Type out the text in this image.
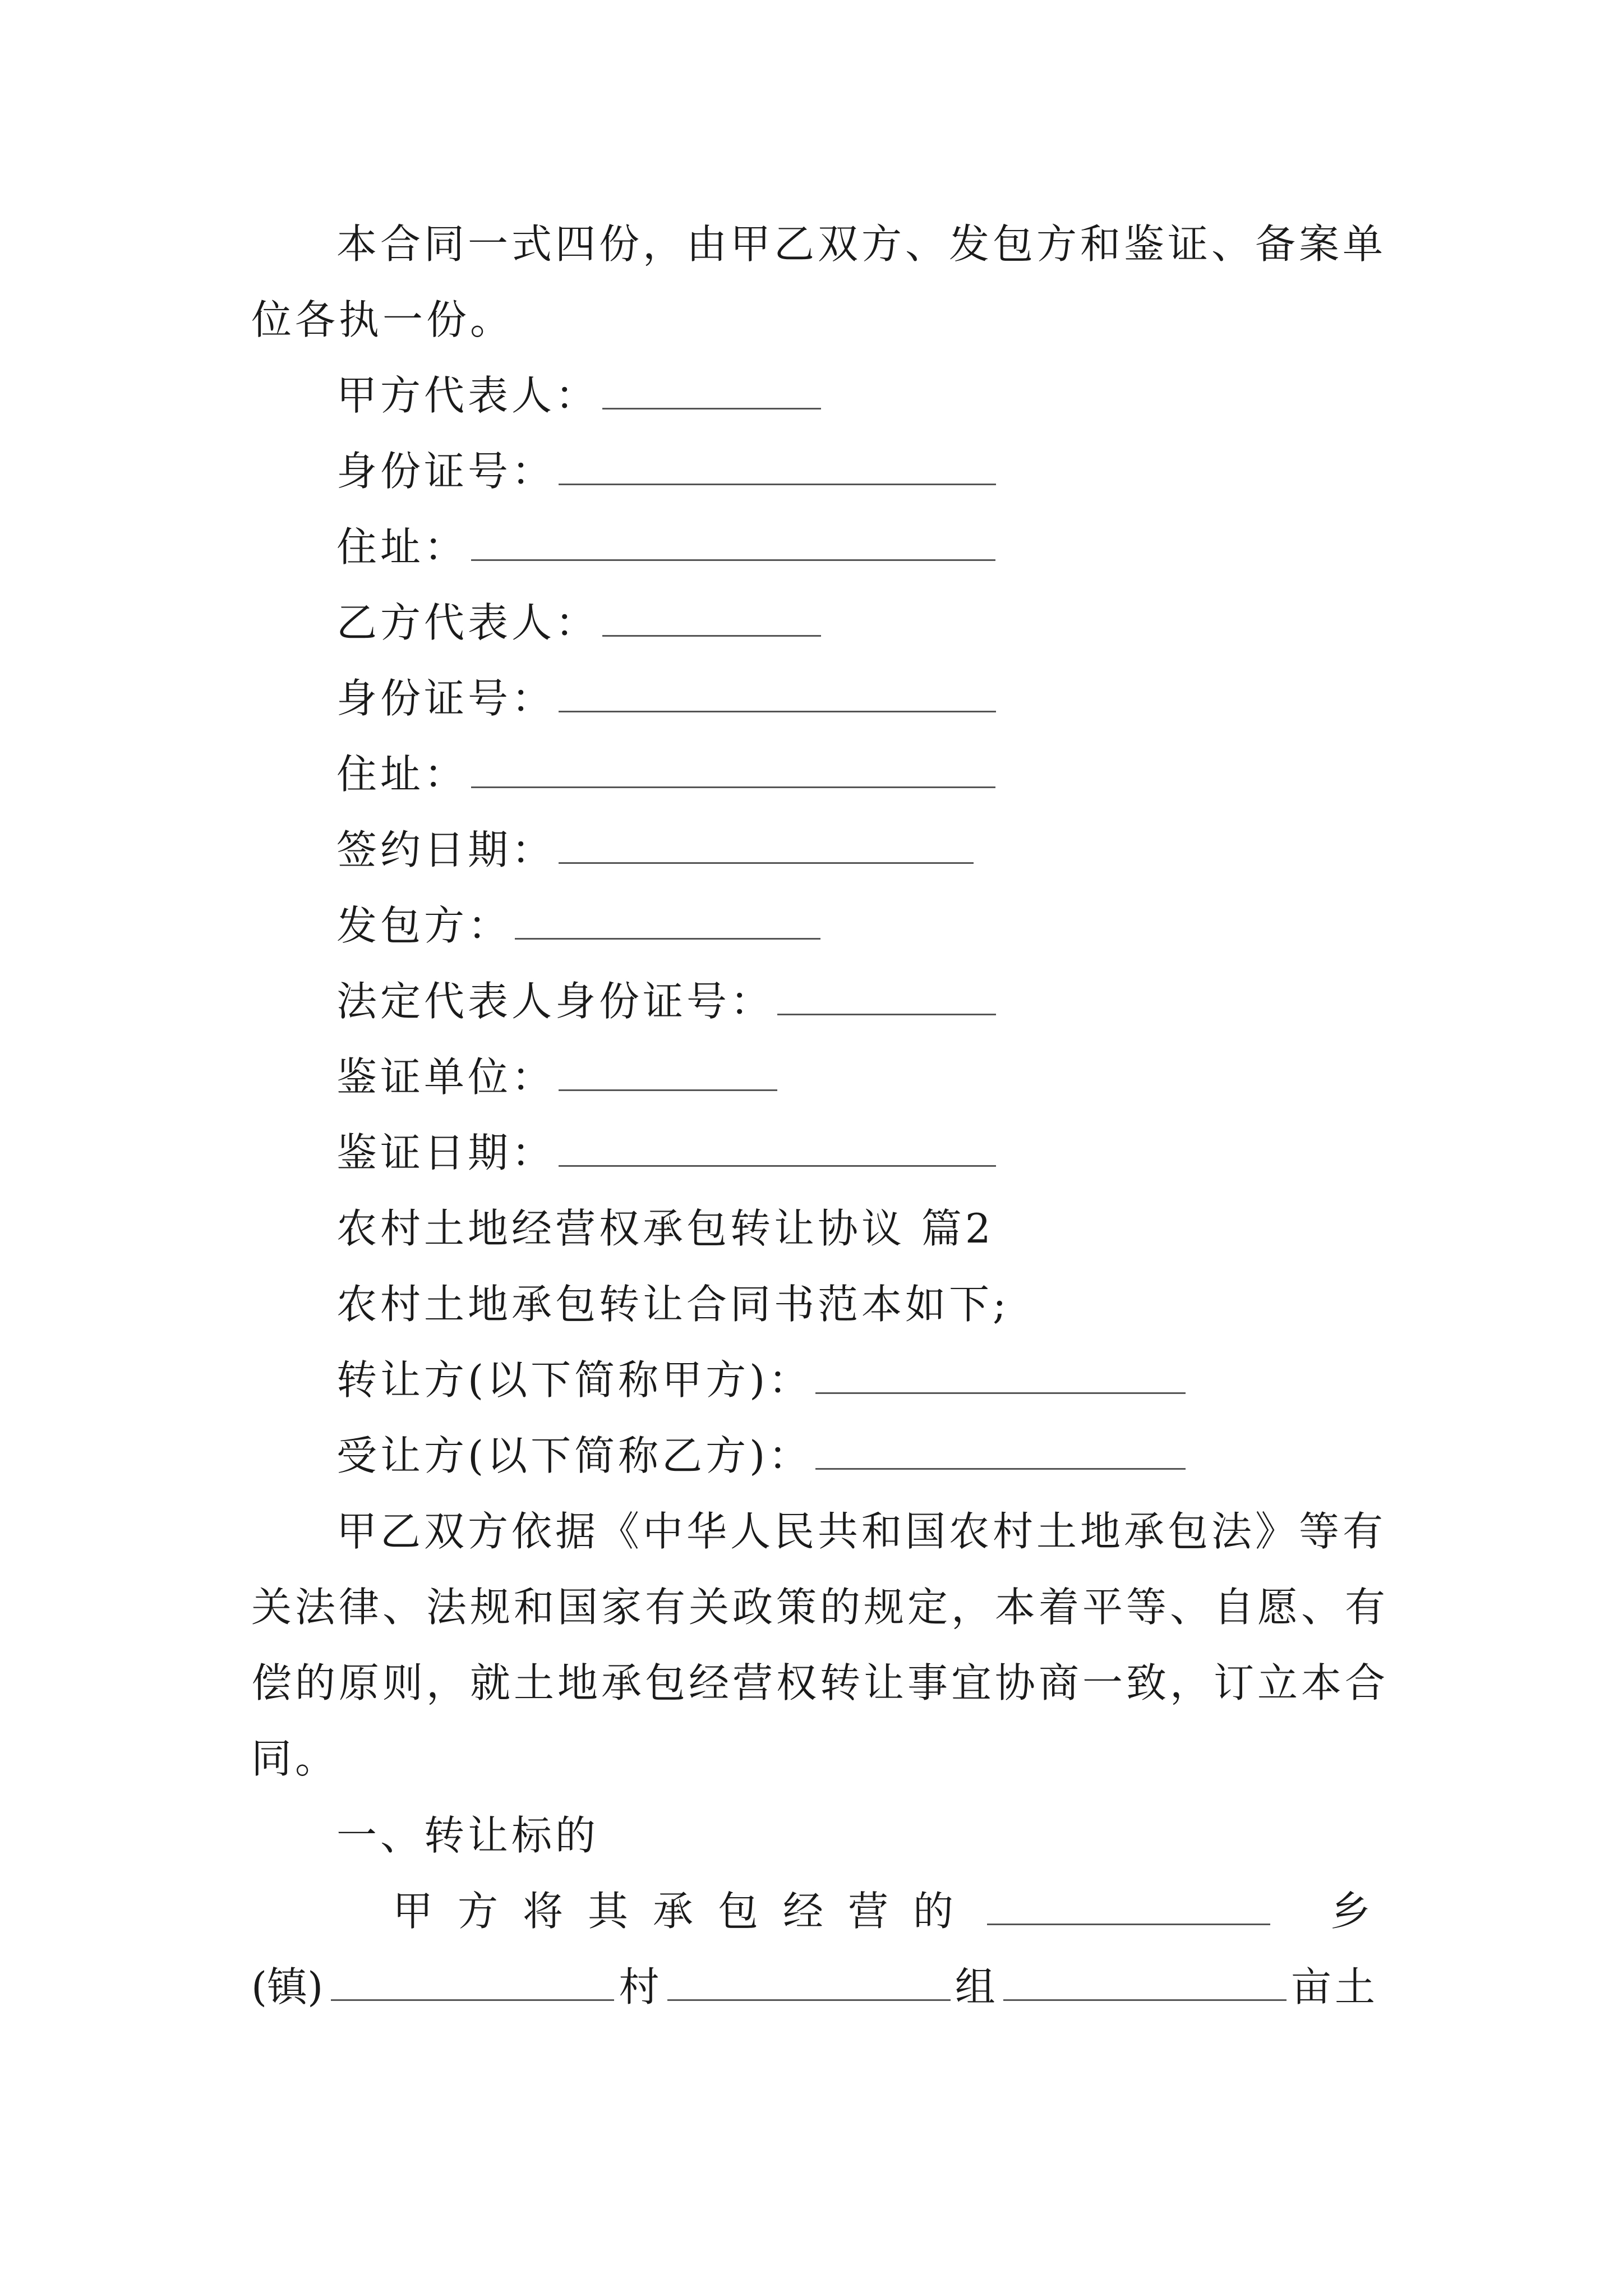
本合同一式四份，由甲乙双方、发包方和鉴证、备案单
位各执一份。
甲方代表人：
身份证号：
住址：
乙方代表人：
身份证号：
住址：
签约日期：
发包方：
法定代表人身份证号：
鉴证单位：
鉴证日期：
农村土地经营权承包转让协议 篇2
农村土地承包转让合同书范本如下;
转让方(以下简称甲方)：
受让方(以下简称乙方)：
甲乙双方依据《中华人民共和国农村土地承包法》等有
关法律、法规和国家有关政策的规定，本着平等、自愿、有
偿的原则，就土地承包经营权转让事宜协商一致，订立本合
同。
一、转让标的
甲方将其承包经营的	乡
(镇)	村	组	亩土
